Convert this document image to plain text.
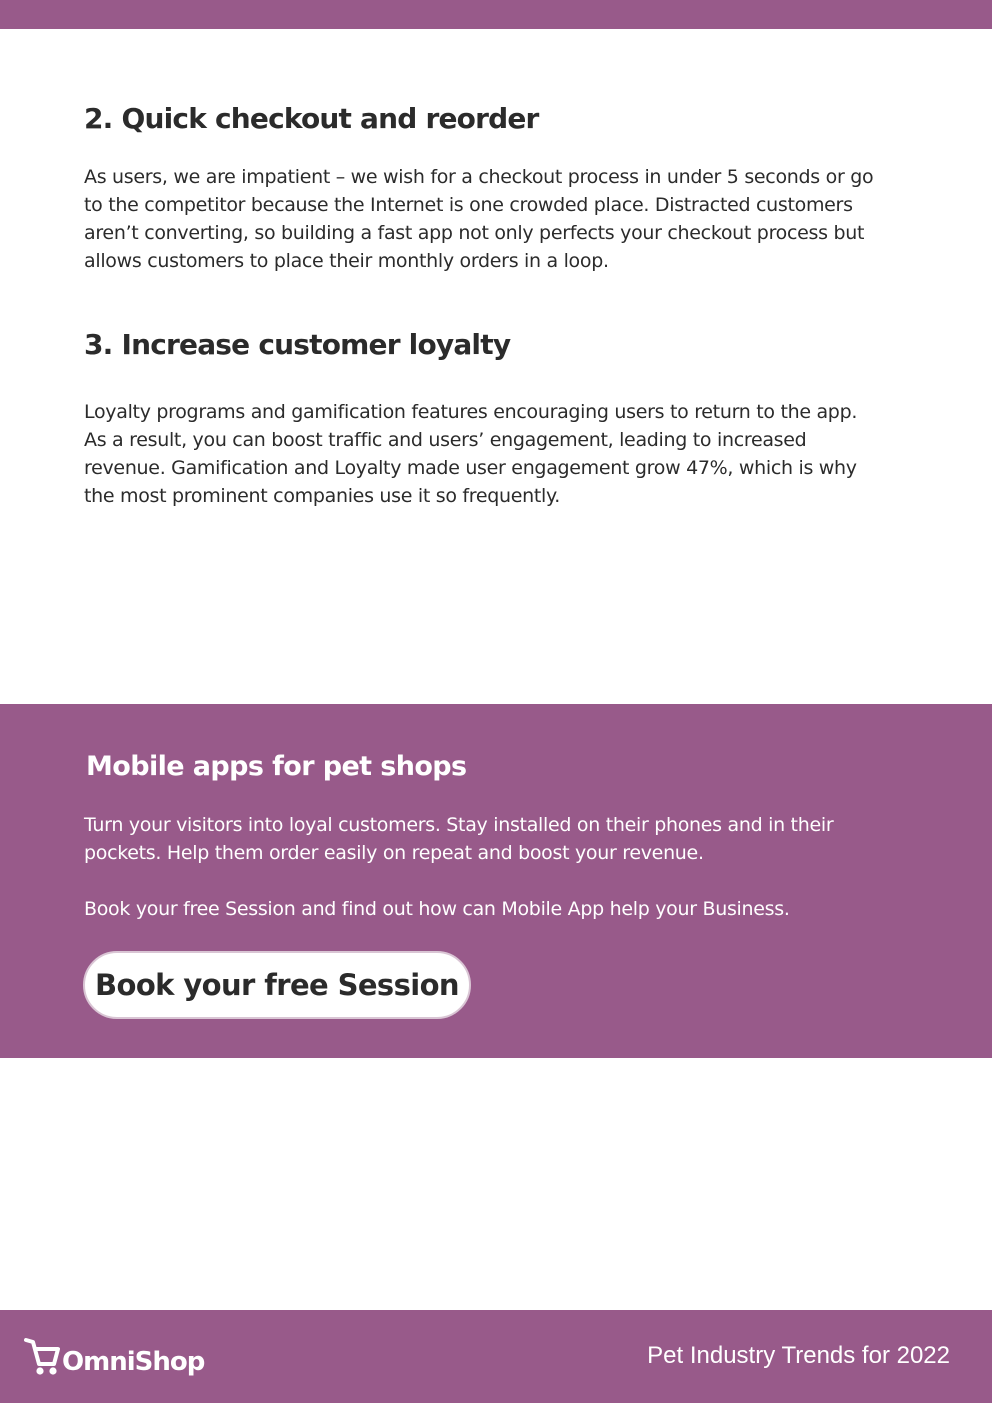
2. Quick checkout and reorder

As users, we are impatient – we wish for a checkout process in under 5 seconds or go to the competitor because the Internet is one crowded place. Distracted customers aren’t converting, so building a fast app not only perfects your checkout process but allows customers to place their monthly orders in a loop.

3. Increase customer loyalty

Loyalty programs and gamification features encouraging users to return to the app. As a result, you can boost traffic and users’ engagement, leading to increased revenue. Gamification and Loyalty made user engagement grow 47%, which is why the most prominent companies use it so frequently.

Mobile apps for pet shops

Turn your visitors into loyal customers. Stay installed on their phones and in their pockets. Help them order easily on repeat and boost your revenue.

Book your free Session and find out how can Mobile App help your Business.

Book your free Session
OmniShop	Pet Industry Trends for 2022
